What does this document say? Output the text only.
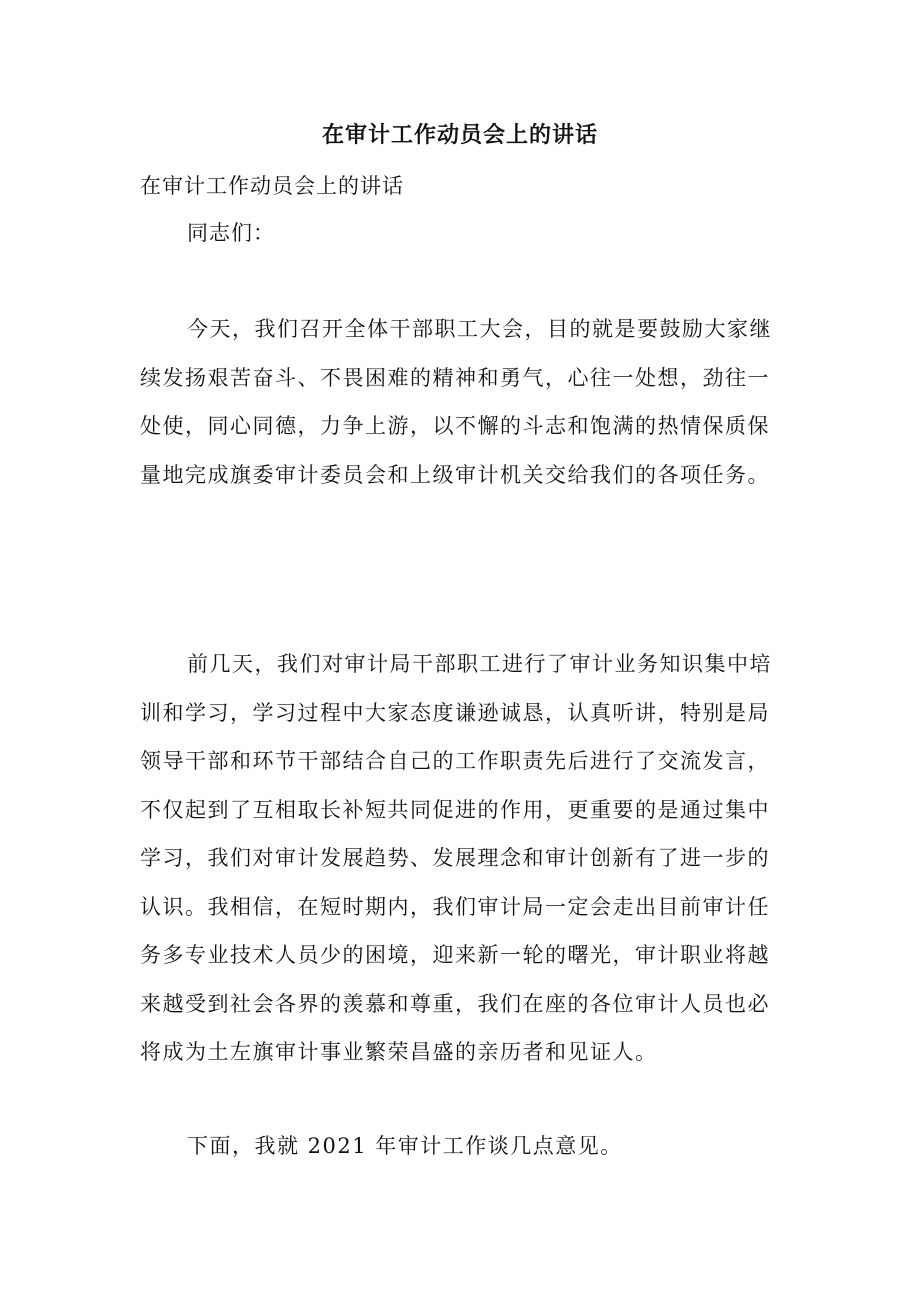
在审计工作动员会上的讲话

在审计工作动员会上的讲话

同志们：

今天，我们召开全体干部职工大会，目的就是要鼓励大家继
续发扬艰苦奋斗、不畏困难的精神和勇气，心往一处想，劲往一
处使，同心同德，力争上游，以不懈的斗志和饱满的热情保质保
量地完成旗委审计委员会和上级审计机关交给我们的各项任务。

前几天，我们对审计局干部职工进行了审计业务知识集中培
训和学习，学习过程中大家态度谦逊诚恳，认真听讲，特别是局
领导干部和环节干部结合自己的工作职责先后进行了交流发言，
不仅起到了互相取长补短共同促进的作用，更重要的是通过集中
学习，我们对审计发展趋势、发展理念和审计创新有了进一步的
认识。我相信，在短时期内，我们审计局一定会走出目前审计任
务多专业技术人员少的困境，迎来新一轮的曙光，审计职业将越
来越受到社会各界的羡慕和尊重，我们在座的各位审计人员也必
将成为土左旗审计事业繁荣昌盛的亲历者和见证人。

下面，我就 2021 年审计工作谈几点意见。
